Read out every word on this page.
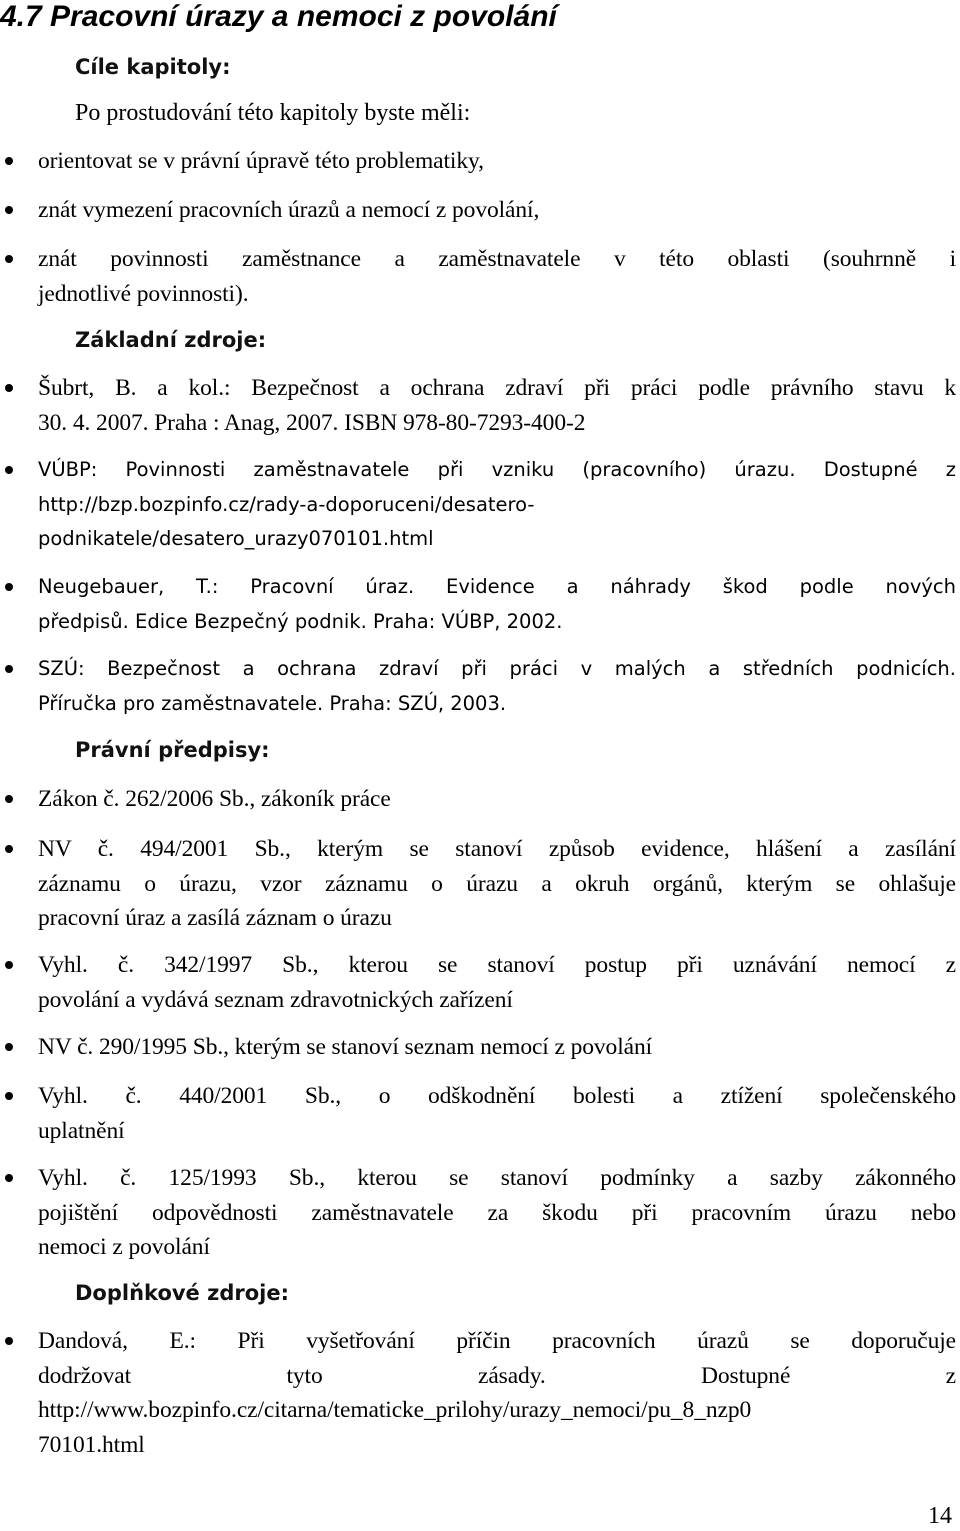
4.7 Pracovní úrazy a nemoci z povolání
Cíle kapitoly:

Po prostudování této kapitoly byste měli:

orientovat se v právní úpravě této problematiky,
znát vymezení pracovních úrazů a nemocí z povolání,
znát povinnosti zaměstnance a zaměstnavatele v této oblasti (souhrnně i
jednotlivé povinnosti).
Základní zdroje:
Šubrt, B. a kol.: Bezpečnost a ochrana zdraví při práci podle právního stavu k
30. 4. 2007. Praha : Anag, 2007. ISBN 978-80-7293-400-2
VÚBP: Povinnosti zaměstnavatele při vzniku (pracovního) úrazu. Dostupné z
http://bzp.bozpinfo.cz/rady-a-doporuceni/desatero-
podnikatele/desatero_urazy070101.html
Neugebauer, T.: Pracovní úraz. Evidence a náhrady škod podle nových
předpisů. Edice Bezpečný podnik. Praha: VÚBP, 2002.
SZÚ: Bezpečnost a ochrana zdraví při práci v malých a středních podnicích.
Příručka pro zaměstnavatele. Praha: SZÚ, 2003.
Právní předpisy:
Zákon č. 262/2006 Sb., zákoník práce
NV č. 494/2001 Sb., kterým se stanoví způsob evidence, hlášení a zasílání
záznamu o úrazu, vzor záznamu o úrazu a okruh orgánů, kterým se ohlašuje
pracovní úraz a zasílá záznam o úrazu
Vyhl. č. 342/1997 Sb., kterou se stanoví postup při uznávání nemocí z
povolání a vydává seznam zdravotnických zařízení
NV č. 290/1995 Sb., kterým se stanoví seznam nemocí z povolání
Vyhl. č. 440/2001 Sb., o odškodnění bolesti a ztížení společenského
uplatnění
Vyhl. č. 125/1993 Sb., kterou se stanoví podmínky a sazby zákonného
pojištění odpovědnosti zaměstnavatele za škodu při pracovním úrazu nebo
nemoci z povolání
Doplňkové zdroje:
Dandová, E.: Při vyšetřování příčin pracovních úrazů se doporučuje
dodržovat tyto zásady. Dostupné z
http://www.bozpinfo.cz/citarna/tematicke_prilohy/urazy_nemoci/pu_8_nzp0
70101.html

14
